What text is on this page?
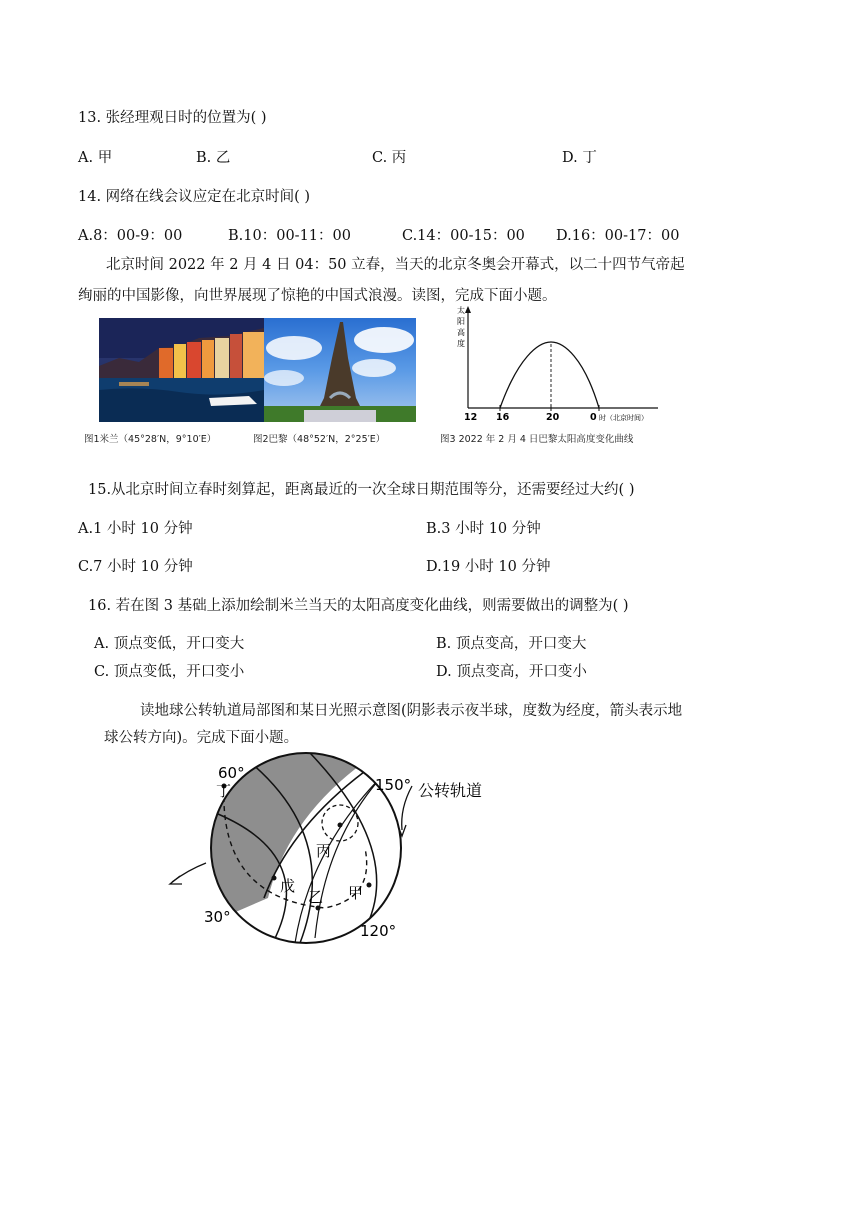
13. 张经理观日时的位置为( )
A. 甲	B. 乙	C. 丙	D. 丁
14. 网络在线会议应定在北京时间( )
A.8：00-9：00	B.10：00-11：00	C.14：00-15：00 D.16：00-17：00
北京时间 2022 年 2 月 4 日 04：50 立春，当天的北京冬奥会开幕式，以二十四节气帝起
绚丽的中国影像，向世界展现了惊艳的中国式浪漫。读图，完成下面小题。
图1米兰（45°28′N，9°10′E）	图2巴黎（48°52′N，2°25′E）
太
阳
高
度
12 16	20	0 时（北京时间）
图3 2022 年 2 月 4 日巴黎太阳高度变化曲线
15.从北京时间立春时刻算起，距离最近的一次全球日期范围等分，还需要经过大约( )
A.1 小时 10 分钟	B.3 小时 10 分钟
C.7 小时 10 分钟	D.19 小时 10 分钟
16. 若在图 3 基础上添加绘制米兰当天的太阳高度变化曲线，则需要做出的调整为( )
A. 顶点变低，开口变大	B. 顶点变高，开口变大
C. 顶点变低，开口变小	D. 顶点变高，开口变小
读地球公转轨道局部图和某日光照示意图(阴影表示夜半球，度数为经度，箭头表示地
球公转方向)。完成下面小题。
60°
丁	150° 公转轨道
丙
戊
乙 甲
30°
120°
